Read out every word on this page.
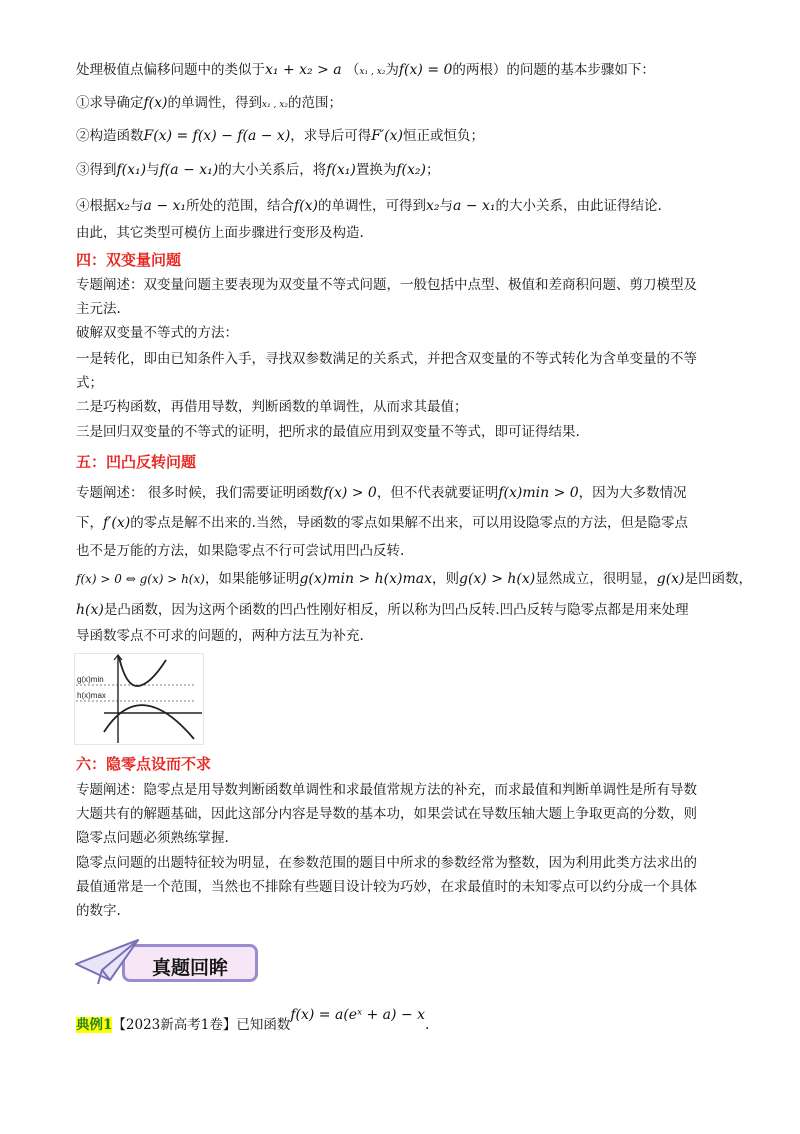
处理极值点偏移问题中的类似于x₁ + x₂ > a （x₁ , x₂为f(x) = 0的两根）的问题的基本步骤如下：
①求导确定f(x)的单调性，得到x₁ , x₂的范围；
②构造函数F(x) = f(x) − f(a − x)，求导后可得F′(x)恒正或恒负；
③得到f(x₁)与f(a − x₁)的大小关系后，将f(x₁)置换为f(x₂)；
④根据x₂与a − x₁所处的范围，结合f(x)的单调性，可得到x₂与a − x₁的大小关系，由此证得结论.
由此，其它类型可模仿上面步骤进行变形及构造.
四：双变量问题
专题阐述：双变量问题主要表现为双变量不等式问题，一般包括中点型、极值和差商积问题、剪刀模型及
主元法.
破解双变量不等式的方法：
一是转化，即由已知条件入手，寻找双参数满足的关系式，并把含双变量的不等式转化为含单变量的不等
式；
二是巧构函数，再借用导数，判断函数的单调性，从而求其最值；
三是回归双变量的不等式的证明，把所求的最值应用到双变量不等式，即可证得结果.
五：凹凸反转问题
专题阐述： 很多时候，我们需要证明函数f(x) > 0，但不代表就要证明f(x)min > 0，因为大多数情况
下，f′(x)的零点是解不出来的.当然，导函数的零点如果解不出来，可以用设隐零点的方法，但是隐零点
也不是万能的方法，如果隐零点不行可尝试用凹凸反转.
f(x) > 0 ⇔ g(x) > h(x)，如果能够证明g(x)min > h(x)max，则g(x) > h(x)显然成立，很明显，g(x)是凹函数，
h(x)是凸函数，因为这两个函数的凹凸性刚好相反，所以称为凹凸反转.凹凸反转与隐零点都是用来处理
导函数零点不可求的问题的，两种方法互为补充.
g(x)min
h(x)max
六：隐零点设而不求
专题阐述：隐零点是用导数判断函数单调性和求最值常规方法的补充，而求最值和判断单调性是所有导数
大题共有的解题基础，因此这部分内容是导数的基本功，如果尝试在导数压轴大题上争取更高的分数，则
隐零点问题必须熟练掌握.
隐零点问题的出题特征较为明显，在参数范围的题目中所求的参数经常为整数，因为利用此类方法求出的
最值通常是一个范围，当然也不排除有些题目设计较为巧妙，在求最值时的未知零点可以约分成一个具体
的数字.
真题回眸
典例1【2023新高考1卷】已知函数f(x) = a(eˣ + a) − x.
